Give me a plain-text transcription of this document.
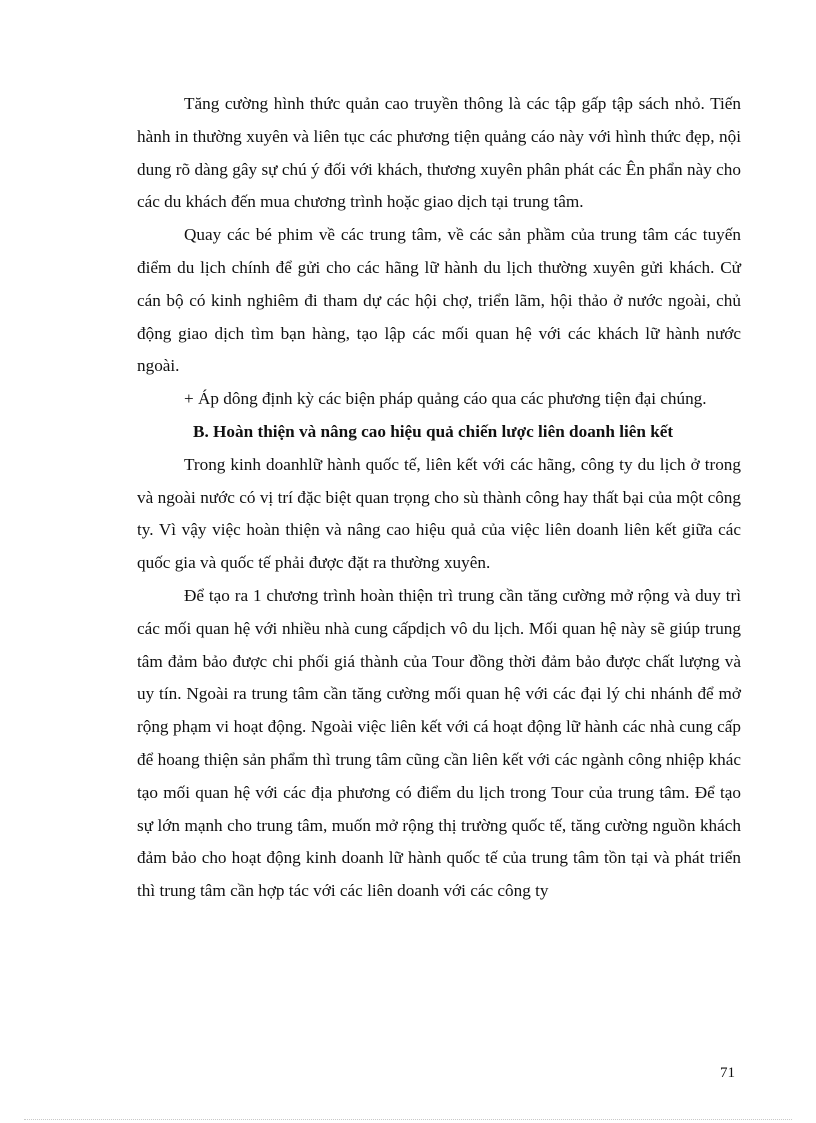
Tăng cường hình thức quản cao truyền thông là các tập gấp tập sách nhỏ. Tiến hành in thường xuyên và liên tục các phương tiện quảng cáo này với hình thức đẹp, nội dung rõ dàng gây sự chú ý đối với khách, thương xuyên phân phát các Ên phẩn này cho các du khách đến mua chương trình hoặc giao dịch tại trung tâm.

Quay các bé phim về các trung tâm, về các sản phầm của trung tâm các tuyến điểm du lịch chính để gửi cho các hãng lữ hành du lịch thường xuyên gửi khách. Cử cán bộ có kinh nghiêm đi tham dự các hội chợ, triển lãm, hội thảo ở nước ngoài, chủ động giao dịch tìm bạn hàng, tạo lập các mối quan hệ với các khách lữ hành nước ngoài.

+ Áp dông định kỳ các biện pháp quảng cáo qua các phương tiện đại chúng.

B. Hoàn thiện và nâng cao hiệu quả chiến lược liên doanh liên kết

Trong kinh doanhlữ hành quốc tế, liên kết với các hãng, công ty du lịch ở trong và ngoài nước có vị trí đặc biệt quan trọng cho sù thành công hay thất bại của một công ty. Vì vậy việc hoàn thiện và nâng cao hiệu quả của việc liên doanh liên kết giữa các quốc gia và quốc tế phải được đặt ra thường xuyên.

Để tạo ra 1 chương trình hoàn thiện trì trung cần tăng cường mở rộng và duy trì các mối quan hệ với nhiều nhà cung cấpdịch vô du lịch. Mối quan hệ này sẽ giúp trung tâm đảm bảo được chi phối giá thành của Tour đồng thời đảm bảo được chất lượng và uy tín. Ngoài ra trung tâm cần tăng cường mối quan hệ với các đại lý chi nhánh để mở rộng phạm vi hoạt động. Ngoài việc liên kết với cá hoạt động lữ hành các nhà cung cấp để hoang thiện sản phẩm thì trung tâm cũng cần liên kết với các ngành công nhiệp khác tạo mối quan hệ với các địa phương có điểm du lịch trong Tour của trung tâm. Để tạo sự lớn mạnh cho trung tâm, muốn mở rộng thị trường quốc tế, tăng cường nguồn khách đảm bảo cho hoạt động kinh doanh lữ hành quốc tế của trung tâm tồn tại và phát triển thì trung tâm cần hợp tác với các liên doanh với các công ty

71
